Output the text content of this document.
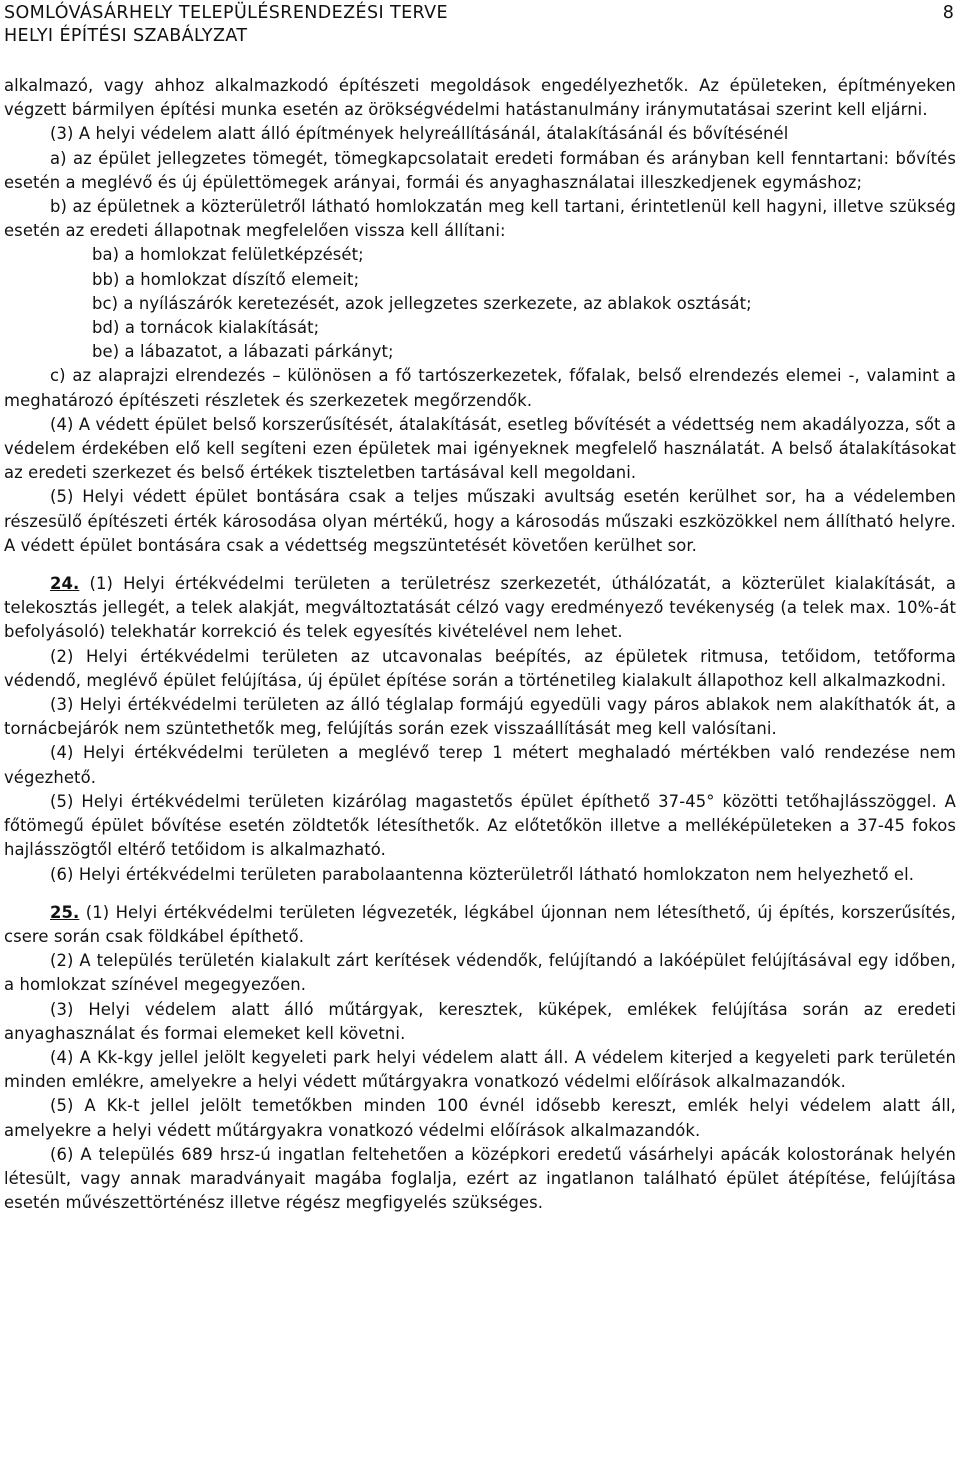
SOMLÓVÁSÁRHELY TELEPÜLÉSRENDEZÉSI TERVE
HELYI ÉPÍTÉSI SZABÁLYZAT
8

alkalmazó, vagy ahhoz alkalmazkodó építészeti megoldások engedélyezhetők. Az épületeken, építményeken végzett bármilyen építési munka esetén az örökségvédelmi hatástanulmány iránymutatásai szerint kell eljárni.

(3) A helyi védelem alatt álló építmények helyreállításánál, átalakításánál és bővítésénél

a) az épület jellegzetes tömegét, tömegkapcsolatait eredeti formában és arányban kell fenntartani: bővítés esetén a meglévő és új épülettömegek arányai, formái és anyaghasználatai illeszkedjenek egymáshoz;

b) az épületnek a közterületről látható homlokzatán meg kell tartani, érintetlenül kell hagyni, illetve szükség esetén az eredeti állapotnak megfelelően vissza kell állítani:

ba) a homlokzat felületképzését;

bb) a homlokzat díszítő elemeit;

bc) a nyílászárók keretezését, azok jellegzetes szerkezete, az ablakok osztását;

bd) a tornácok kialakítását;

be) a lábazatot, a lábazati párkányt;

c) az alaprajzi elrendezés – különösen a fő tartószerkezetek, főfalak, belső elrendezés elemei -, valamint a meghatározó építészeti részletek és szerkezetek megőrzendők.

(4) A védett épület belső korszerűsítését, átalakítását, esetleg bővítését a védettség nem akadályozza, sőt a védelem érdekében elő kell segíteni ezen épületek mai igényeknek megfelelő használatát. A belső átalakításokat az eredeti szerkezet és belső értékek tiszteletben tartásával kell megoldani.

(5) Helyi védett épület bontására csak a teljes műszaki avultság esetén kerülhet sor, ha a védelemben részesülő építészeti érték károsodása olyan mértékű, hogy a károsodás műszaki eszközökkel nem állítható helyre. A védett épület bontására csak a védettség megszüntetését követően kerülhet sor.

24. (1) Helyi értékvédelmi területen a területrész szerkezetét, úthálózatát, a közterület kialakítását, a telekosztás jellegét, a telek alakját, megváltoztatását célzó vagy eredményező tevékenység (a telek max. 10%-át befolyásoló) telekhatár korrekció és telek egyesítés kivételével nem lehet.

(2) Helyi értékvédelmi területen az utcavonalas beépítés, az épületek ritmusa, tetőidom, tetőforma védendő, meglévő épület felújítása, új épület építése során a történetileg kialakult állapothoz kell alkalmazkodni.

(3) Helyi értékvédelmi területen az álló téglalap formájú egyedüli vagy páros ablakok nem alakíthatók át, a tornácbejárók nem szüntethetők meg, felújítás során ezek visszaállítását meg kell valósítani.

(4) Helyi értékvédelmi területen a meglévő terep 1 métert meghaladó mértékben való rendezése nem végezhető.

(5) Helyi értékvédelmi területen kizárólag magastetős épület építhető 37-45° közötti tetőhajlásszöggel. A főtömegű épület bővítése esetén zöldtetők létesíthetők. Az előtetőkön illetve a melléképületeken a 37-45 fokos hajlásszögtől eltérő tetőidom is alkalmazható.

(6) Helyi értékvédelmi területen parabolaantenna közterületről látható homlokzaton nem helyezhető el.

25. (1) Helyi értékvédelmi területen légvezeték, légkábel újonnan nem létesíthető, új építés, korszerűsítés, csere során csak földkábel építhető.

(2) A település területén kialakult zárt kerítések védendők, felújítandó a lakóépület felújításával egy időben, a homlokzat színével megegyezően.

(3) Helyi védelem alatt álló műtárgyak, keresztek, küképek, emlékek felújítása során az eredeti anyaghasználat és formai elemeket kell követni.

(4) A Kk-kgy jellel jelölt kegyeleti park helyi védelem alatt áll. A védelem kiterjed a kegyeleti park területén minden emlékre, amelyekre a helyi védett műtárgyakra vonatkozó védelmi előírások alkalmazandók.

(5) A Kk-t jellel jelölt temetőkben minden 100 évnél idősebb kereszt, emlék helyi védelem alatt áll, amelyekre a helyi védett műtárgyakra vonatkozó védelmi előírások alkalmazandók.

(6) A település 689 hrsz-ú ingatlan feltehetően a középkori eredetű vásárhelyi apácák kolostorának helyén létesült, vagy annak maradványait magába foglalja, ezért az ingatlanon található épület átépítése, felújítása esetén művészettörténész illetve régész megfigyelés szükséges.
